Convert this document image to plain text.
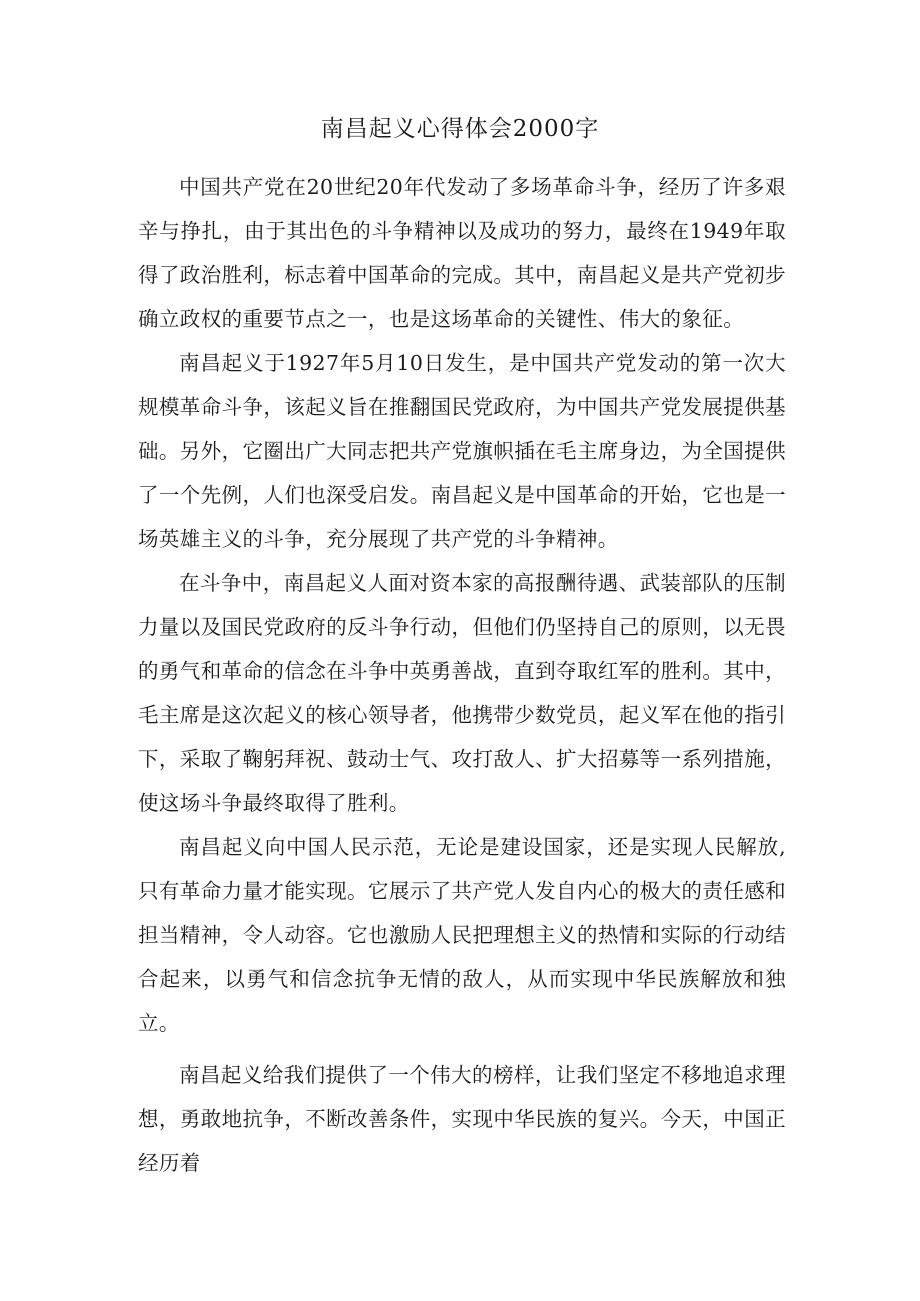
南昌起义心得体会2000字

中国共产党在20世纪20年代发动了多场革命斗争，经历了许多艰辛与挣扎，由于其出色的斗争精神以及成功的努力，最终在1949年取得了政治胜利，标志着中国革命的完成。其中，南昌起义是共产党初步确立政权的重要节点之一，也是这场革命的关键性、伟大的象征。

南昌起义于1927年5月10日发生，是中国共产党发动的第一次大规模革命斗争，该起义旨在推翻国民党政府，为中国共产党发展提供基础。另外，它圈出广大同志把共产党旗帜插在毛主席身边，为全国提供了一个先例，人们也深受启发。南昌起义是中国革命的开始，它也是一场英雄主义的斗争，充分展现了共产党的斗争精神。

在斗争中，南昌起义人面对资本家的高报酬待遇、武装部队的压制力量以及国民党政府的反斗争行动，但他们仍坚持自己的原则，以无畏的勇气和革命的信念在斗争中英勇善战，直到夺取红军的胜利。其中，毛主席是这次起义的核心领导者，他携带少数党员，起义军在他的指引下，采取了鞠躬拜祝、鼓动士气、攻打敌人、扩大招募等一系列措施，使这场斗争最终取得了胜利。

南昌起义向中国人民示范，无论是建设国家，还是实现人民解放,只有革命力量才能实现。它展示了共产党人发自内心的极大的责任感和担当精神，令人动容。它也激励人民把理想主义的热情和实际的行动结合起来，以勇气和信念抗争无情的敌人，从而实现中华民族解放和独立。

南昌起义给我们提供了一个伟大的榜样，让我们坚定不移地追求理想，勇敢地抗争，不断改善条件，实现中华民族的复兴。今天，中国正经历着
